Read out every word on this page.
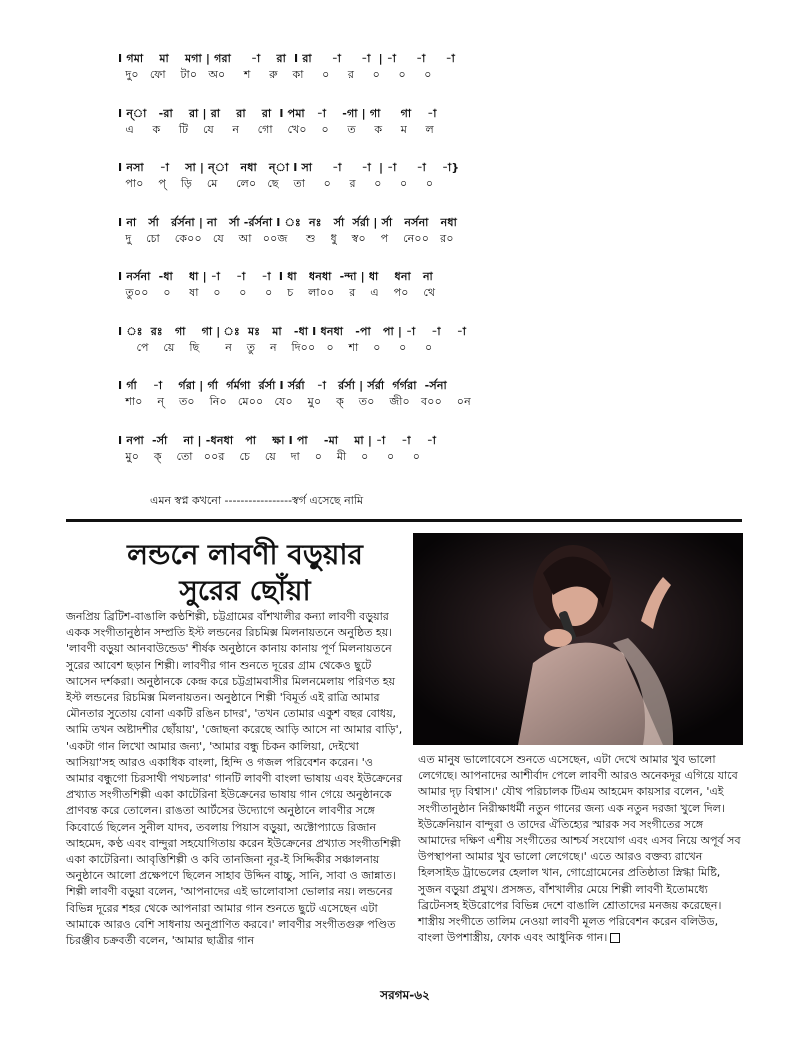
I গমা    মা    মগা | গরা     -া    রা  I রা     -া     -া  | -া     -া     -া
দু০   ফো    টা০   অ০     শ     রু    কা     ০     র     ০     ০     ০
I ন্া   -রা    রা | রা    রা    রা  I পমা   -া    -গা | গা     গা    -া
এ     ক     টি    যে     ন     গো    খে০    ০     ত     ক     ম     ল
I নসা    -া    সা | ন্া   নধা   ন্া I সা     -া     -া  | -া     -া    -া}
পা০    প্    ড়ি    মে     লে০   ছে    তা     ০     র     ০     ০     ০
I না   র্সা   র্রর্সনা | না   র্সা -র্রর্সনা I ঃ  নঃ   র্সা  র্সর্রা | র্সা   নর্সনা   নধা
দু    চো    কে০০   যে    আ   ০০জ     শু    ধু    স্ব০    প    নে০০   র০
I নর্সনা  -ধা    ধা | -া    -া    -া  I ধা   ধনধা  -ন্দা | ধা    ধনা   না
তু০০    ০     ষা    ০     ০     ০    চ    লা০০    র    এ    প০    থে
I ঃ  রঃ   গা    গা | ঃ  মঃ   মা   -ধা I ধনধা   -পা   পা | -া    -া    -া
পে    য়ে    ছি       ন    তু    ন    দি০০   ০    শা    ০     ০     ০
I র্গা    -া    র্গরা | র্গা  র্গর্মগা  র্রর্সা I র্সর্রা   -া   র্রর্সা | র্সর্রা  র্গর্গরা  -র্সনা
শা০    ন্    ত০    নি০   মে০০   যে০    মু০    ক্    ত০    জী০   ব০০    ০ন
I নপা  -র্সা    না | -ধনধা   পা    ক্ষা I পা    -মা    মা | -া    -া    -া
মু০    ক্    তো   ০০র    চে    য়ে    দা    ০    মী    ০     ০     ০
এমন স্বপ্ন কখনো -----------------স্বর্গ এসেছে নামি
লন্ডনে লাবণী বড়ুয়ার
সুরের ছোঁয়া

জনপ্রিয় ব্রিটিশ-বাঙালি কণ্ঠশিল্পী, চট্টগ্রামের বাঁশখালীর কন্যা লাবণী বড়ুয়ার একক সংগীতানুষ্ঠান সম্প্রতি ইস্ট লন্ডনের রিচমিক্স মিলনায়তনে অনুষ্ঠিত হয়। 'লাবণী বড়ুয়া আনবাউন্ডেড' শীর্ষক অনুষ্ঠানে কানায় কানায় পূর্ণ মিলনায়তনে সুরের আবেশ ছড়ান শিল্পী। লাবণীর গান শুনতে দূরের গ্রাম থেকেও ছুটে আসেন দর্শকরা। অনুষ্ঠানকে কেন্দ্র করে চট্টগ্রামবাসীর মিলনমেলায় পরিণত হয় ইস্ট লন্ডনের রিচমিক্স মিলনায়তন। অনুষ্ঠানে শিল্পী 'বিমূর্ত এই রাত্রি আমার মৌনতার সুতোয় বোনা একটি রঙিন চাদর', 'তখন তোমার একুশ বছর বোধয়, আমি তখন অষ্টাদশীর ছোঁয়ায়', 'জোছনা করেছে আড়ি আসে না আমার বাড়ি', 'একটা গান লিখো আমার জন্য', 'আমার বন্ধু চিকন কালিয়া, দেইখো আসিয়া'সহ আরও একাধিক বাংলা, হিন্দি ও গজল পরিবেশন করেন। 'ও আমার বন্ধুগো চিরসাথী পথচলার' গানটি লাবণী বাংলা ভাষায় এবং ইউক্রেনের প্রখ্যাত সংগীতশিল্পী একা কাটেরিনা ইউক্রেনের ভাষায় গান গেয়ে অনুষ্ঠানকে প্রাণবন্ত করে তোলেন। রাঙতা আর্টসের উদ্যোগে অনুষ্ঠানে লাবণীর সঙ্গে কিবোর্ডে ছিলেন সুনীল যাদব, তবলায় পিয়াস বড়ুয়া, অক্টোপ্যাডে রিজান আহমেদ, কণ্ঠ এবং বান্দুরা সহযোগিতায় করেন ইউক্রেনের প্রখ্যাত সংগীতশিল্পী একা কাটেরিনা। আবৃত্তিশিল্পী ও কবি তানজিনা নূর-ই সিদ্দিকীর সঞ্চালনায় অনুষ্ঠানে আলো প্রক্ষেপণে ছিলেন সাহাব উদ্দিন বাচ্চু, সানি, সাবা ও জান্নাত। শিল্পী লাবণী বড়ুয়া বলেন, 'আপনাদের এই ভালোবাসা ভোলার নয়। লন্ডনের বিভিন্ন দূরের শহর থেকে আপনারা আমার গান শুনতে ছুটে এসেছেন এটা আমাকে আরও বেশি সাধনায় অনুপ্রাণিত করবে।' লাবণীর সংগীতগুরু পণ্ডিত চিরঞ্জীব চক্রবর্তী বলেন, 'আমার ছাত্রীর গান

এত মানুষ ভালোবেসে শুনতে এসেছেন, এটা দেখে আমার খুব ভালো লেগেছে। আপনাদের আশীর্বাদ পেলে লাবণী আরও অনেকদূর এগিয়ে যাবে আমার দৃঢ় বিশ্বাস।' যৌথ পরিচালক টিএম আহমেদ কায়সার বলেন, 'এই সংগীতানুষ্ঠান নিরীক্ষাধর্মী নতুন গানের জন্য এক নতুন দরজা খুলে দিল। ইউক্রেনিয়ান বান্দুরা ও তাদের ঐতিহ্যের স্মারক সব সংগীতের সঙ্গে আমাদের দক্ষিণ এশীয় সংগীতের আশ্চর্য সংযোগ এবং এসব নিয়ে অপূর্ব সব উপস্থাপনা আমার খুব ভালো লেগেছে।' এতে আরও বক্তব্য রাখেন হিলসাইড ট্রাভেলের হেলাল খান, গোগ্রোমেনের প্রতিষ্ঠাতা স্নিগ্ধা মিষ্টি, সুজন বড়ুয়া প্রমুখ। প্রসঙ্গত, বাঁশখালীর মেয়ে শিল্পী লাবণী ইতোমধ্যে ব্রিটেনসহ ইউরোপের বিভিন্ন দেশে বাঙালি শ্রোতাদের মনজয় করেছেন। শাস্ত্রীয় সংগীতে তালিম নেওয়া লাবণী মূলত পরিবেশন করেন বলিউড, বাংলা উপশাস্ত্রীয়, ফোক এবং আধুনিক গান।

সরগম-৬২
